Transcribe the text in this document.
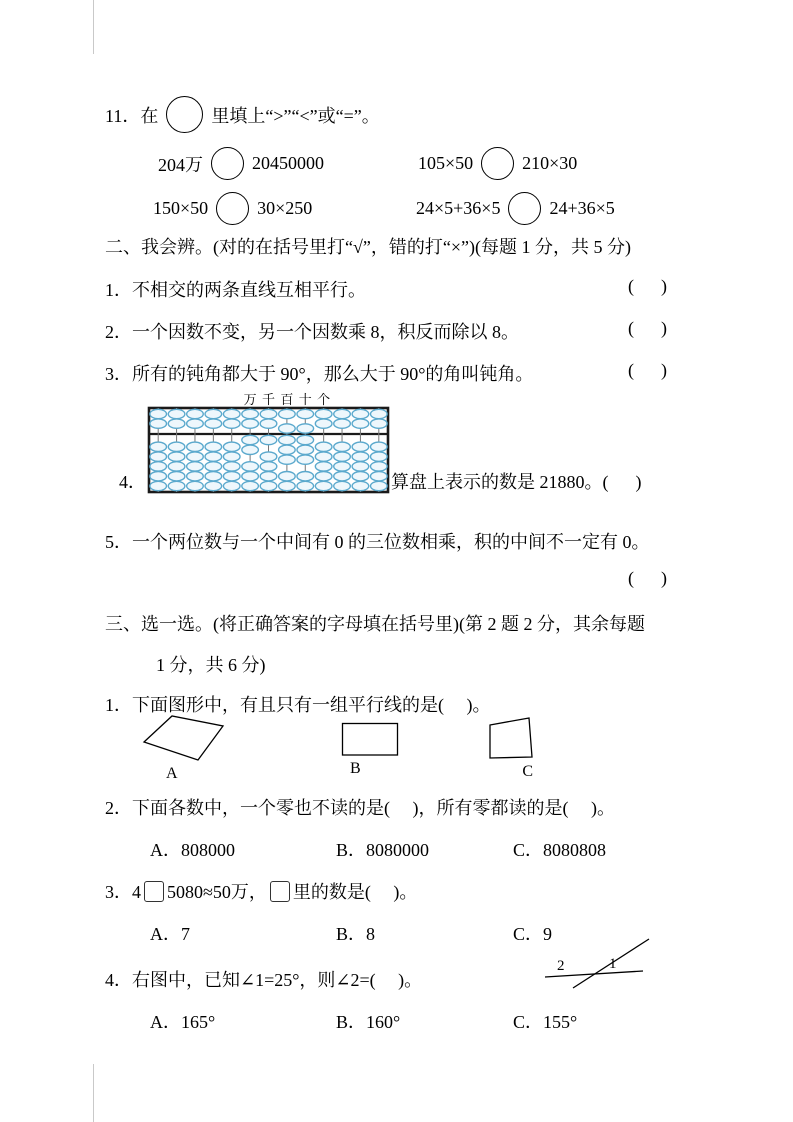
11．在	里填上“>”“<”或“=”。
204万	20450000	105×50	210×30
150×50	30×250	24×5+36×5	24+36×5
二、我会辨。(对的在括号里打“√”，错的打“×”)(每题 1 分，共 5 分)
1．不相交的两条直线互相平行。	(      )
2．一个因数不变，另一个因数乘 8，积反而除以 8。	(      )
3．所有的钝角都大于 90°，那么大于 90°的角叫钝角。	(      )
4．
万 千 百 十 个
算盘上表示的数是 21880。(      )
5．一个两位数与一个中间有 0 的三位数相乘，积的中间不一定有 0。
(      )
三、选一选。(将正确答案的字母填在括号里)(第 2 题 2 分，其余每题
1 分，共 6 分)
1．下面图形中，有且只有一组平行线的是(     )。
A	B	C
2．下面各数中，一个零也不读的是(     )，所有零都读的是(     )。
A．808000	B．8080000	C．8080808
3．4 5080≈50万， 里的数是(     )。
A．7	B．8	C．9
4．右图中，已知∠1=25°，则∠2=(     )。
2	1
A．165°	B．160°	C．155°
